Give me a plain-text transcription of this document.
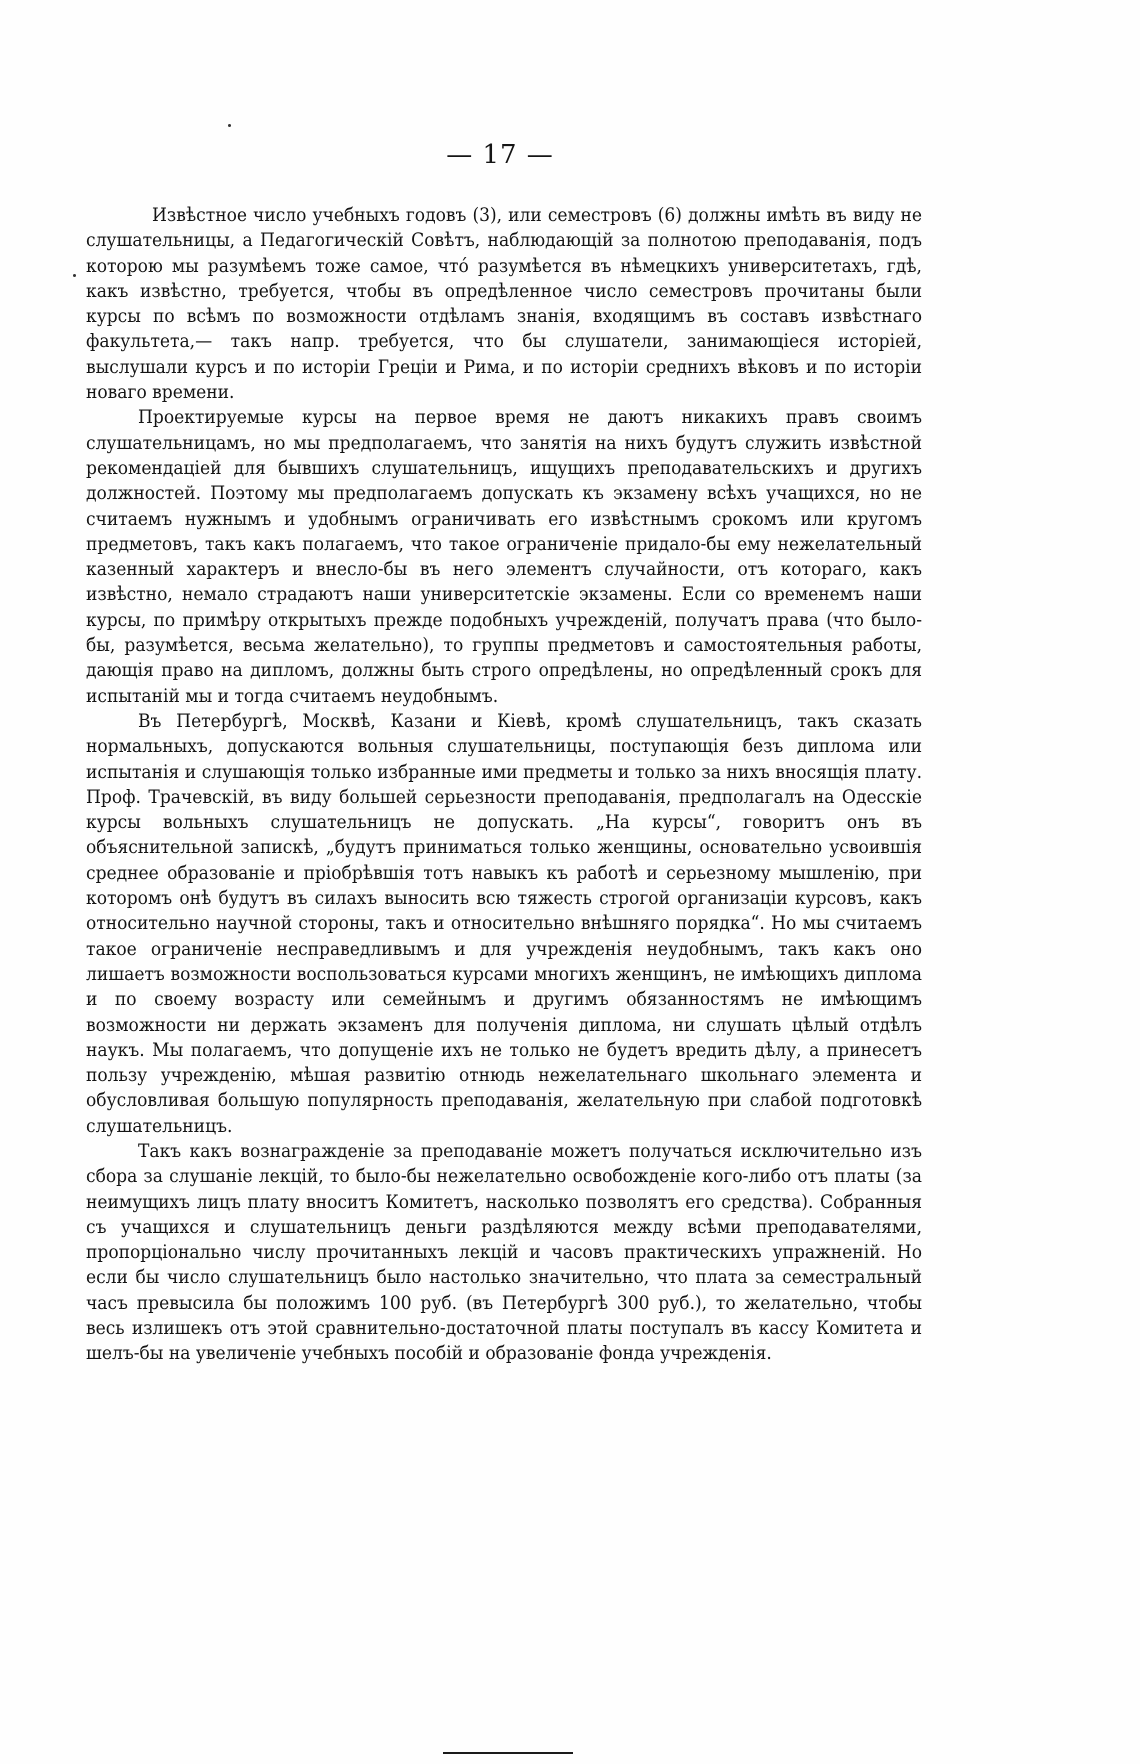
— 17 —

Извѣстное число учебныхъ годовъ (3), или семестровъ (6) должны имѣть въ виду не слушательницы, а Педагогическій Совѣтъ, наблюдающій за полнотою преподаванія, подъ которою мы разумѣемъ тоже самое, что́ разумѣется въ нѣмецкихъ университетахъ, гдѣ, какъ извѣстно, требуется, чтобы въ опредѣленное число семестровъ прочитаны были курсы по всѣмъ по возможности отдѣламъ знанія, входящимъ въ составъ извѣстнаго факультета,— такъ напр. требуется, что бы слушатели, занимающіеся исторіей, выслушали курсъ и по исторіи Греціи и Рима, и по исторіи среднихъ вѣковъ и по исторіи новаго времени.

Проектируемые курсы на первое время не даютъ никакихъ правъ своимъ слушательницамъ, но мы предполагаемъ, что занятія на нихъ будутъ служить извѣстной рекомендаціей для бывшихъ слушательницъ, ищущихъ преподавательскихъ и другихъ должностей. Поэтому мы предполагаемъ допускать къ экзамену всѣхъ учащихся, но не считаемъ нужнымъ и удобнымъ ограничивать его извѣстнымъ срокомъ или кругомъ предметовъ, такъ какъ полагаемъ, что такое ограниченіе придало-бы ему нежелательный казенный характеръ и внесло-бы въ него элементъ случайности, отъ котораго, какъ извѣстно, немало страдаютъ наши университетскіе экзамены. Если со временемъ наши курсы, по примѣру открытыхъ прежде подобныхъ учрежденій, получатъ права (что было-бы, разумѣется, весьма желательно), то группы предметовъ и самостоятельныя работы, дающія право на дипломъ, должны быть строго опредѣлены, но опредѣленный срокъ для испытаній мы и тогда считаемъ неудобнымъ.

Въ Петербургѣ, Москвѣ, Казани и Кіевѣ, кромѣ слушательницъ, такъ сказать нормальныхъ, допускаются вольныя слушательницы, поступающія безъ диплома или испытанія и слушающія только избранные ими предметы и только за нихъ вносящія плату. Проф. Трачевскій, въ виду большей серьезности преподаванія, предполагалъ на Одесскіе курсы вольныхъ слушательницъ не допускать. „На курсы“, говоритъ онъ въ объяснительной запискѣ, „будутъ приниматься только женщины, основательно усвоившія среднее образованіе и пріобрѣвшія тотъ навыкъ къ работѣ и серьезному мышленію, при которомъ онѣ будутъ въ силахъ выносить всю тяжесть строгой организаціи курсовъ, какъ относительно научной стороны, такъ и относительно внѣшняго порядка“. Но мы считаемъ такое ограниченіе несправедливымъ и для учрежденія неудобнымъ, такъ какъ оно лишаетъ возможности воспользоваться курсами многихъ женщинъ, не имѣющихъ диплома и по своему возрасту или семейнымъ и другимъ обязанностямъ не имѣющимъ возможности ни держать экзаменъ для полученія диплома, ни слушать цѣлый отдѣлъ наукъ. Мы полагаемъ, что допущеніе ихъ не только не будетъ вредить дѣлу, а принесетъ пользу учрежденію, мѣшая развитію отнюдь нежелательнаго школьнаго элемента и обусловливая большую популярность преподаванія, желательную при слабой подготовкѣ слушательницъ.

Такъ какъ вознагражденіе за преподаваніе можетъ получаться исключительно изъ сбора за слушаніе лекцій, то было-бы нежелательно освобожденіе кого-либо отъ платы (за неимущихъ лицъ плату вноситъ Комитетъ, насколько позволятъ его средства). Собранныя съ учащихся и слушательницъ деньги раздѣляются между всѣми преподавателями, пропорціонально числу прочитанныхъ лекцій и часовъ практическихъ упражненій. Но если бы число слушательницъ было настолько значительно, что плата за семестральный часъ превысила бы положимъ 100 руб. (въ Петербургѣ 300 руб.), то желательно, чтобы весь излишекъ отъ этой сравнительно-достаточной платы поступалъ въ кассу Комитета и шелъ-бы на увеличеніе учебныхъ пособій и образованіе фонда учрежденія.
